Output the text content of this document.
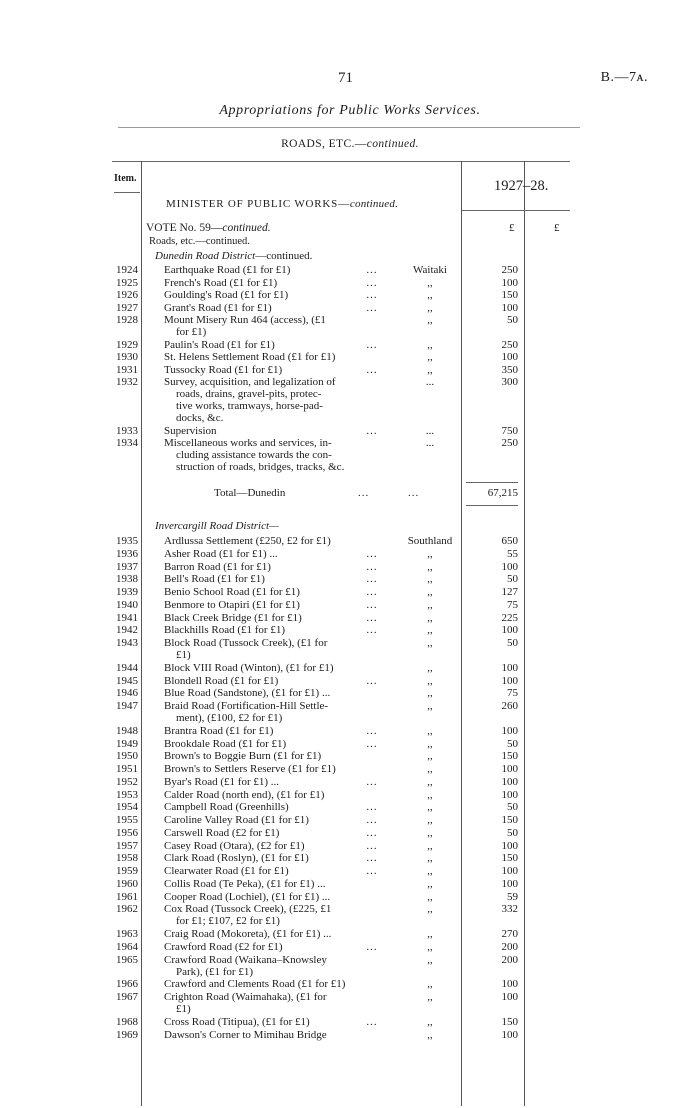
71	B.—7ᴀ.
Appropriations for Public Works Services.
ROADS, ETC.—continued.
Item.	1927–28.
MINISTER OF PUBLIC WORKS—continued.
VOTE No. 59—continued.	£	£
Roads, etc.—continued.
Dunedin Road District—continued.
1924 Earthquake Road (£1 for £1)	...	Waitaki	250
1925 French's Road (£1 for £1)	...	,,	100
1926 Goulding's Road (£1 for £1)	...	,,	150
1927 Grant's Road (£1 for £1)	...	,,	100
1928 Mount Misery Run 464 (access), (£1
for £1)
,,	50
1929 Paulin's Road (£1 for £1)	...	,,	250
1930 St. Helens Settlement Road (£1 for £1)	,,	100
1931 Tussocky Road (£1 for £1)	...	,,	350
1932 Survey, acquisition, and legalization of
roads, drains, gravel-pits, protec-
tive works, tramways, horse-pad-
docks, &c.
...	300
1933 Supervision	...	...	750
1934 Miscellaneous works and services, in-
cluding assistance towards the con-
struction of roads, bridges, tracks, &c.
...	250
Total—Dunedin	...	...	67,215
Invercargill Road District—
1935 Ardlussa Settlement (£250, £2 for £1)	Southland	650
1936 Asher Road (£1 for £1) ...	...	,,	55
1937 Barron Road (£1 for £1)	...	,,	100
1938 Bell's Road (£1 for £1)	...	,,	50
1939 Benio School Road (£1 for £1)	...	,,	127
1940 Benmore to Otapiri (£1 for £1)	...	,,	75
1941 Black Creek Bridge (£1 for £1)	...	,,	225
1942 Blackhills Road (£1 for £1)	...	,,	100
1943 Block Road (Tussock Creek), (£1 for
£1)
,,	50
1944 Block VIII Road (Winton), (£1 for £1)	,,	100
1945 Blondell Road (£1 for £1)	...	,,	100
1946 Blue Road (Sandstone), (£1 for £1) ...	,,	75
1947 Braid Road (Fortification-Hill Settle-
ment), (£100, £2 for £1)
,,	260
1948 Brantra Road (£1 for £1)	...	,,	100
1949 Brookdale Road (£1 for £1)	...	,,	50
1950 Brown's to Boggie Burn (£1 for £1)	,,	150
1951 Brown's to Settlers Reserve (£1 for £1)	,,	100
1952 Byar's Road (£1 for £1) ...	...	,,	100
1953 Calder Road (north end), (£1 for £1)	,,	100
1954 Campbell Road (Greenhills)	...	,,	50
1955 Caroline Valley Road (£1 for £1)	...	,,	150
1956 Carswell Road (£2 for £1)	...	,,	50
1957 Casey Road (Otara), (£2 for £1)	...	,,	100
1958 Clark Road (Roslyn), (£1 for £1)	...	,,	150
1959 Clearwater Road (£1 for £1)	...	,,	100
1960 Collis Road (Te Peka), (£1 for £1) ...	,,	100
1961 Cooper Road (Lochiel), (£1 for £1) ...	,,	59
1962 Cox Road (Tussock Creek), (£225, £1
for £1; £107, £2 for £1)
,,	332
1963 Craig Road (Mokoreta), (£1 for £1) ...	,,	270
1964 Crawford Road (£2 for £1)	...	,,	200
1965 Crawford Road (Waikana–Knowsley
Park), (£1 for £1)
,,	200
1966 Crawford and Clements Road (£1 for £1)	,,	100
1967 Crighton Road (Waimahaka), (£1 for
£1)
,,	100
1968 Cross Road (Titipua), (£1 for £1)	...	,,	150
1969 Dawson's Corner to Mimihau Bridge	,,	100
